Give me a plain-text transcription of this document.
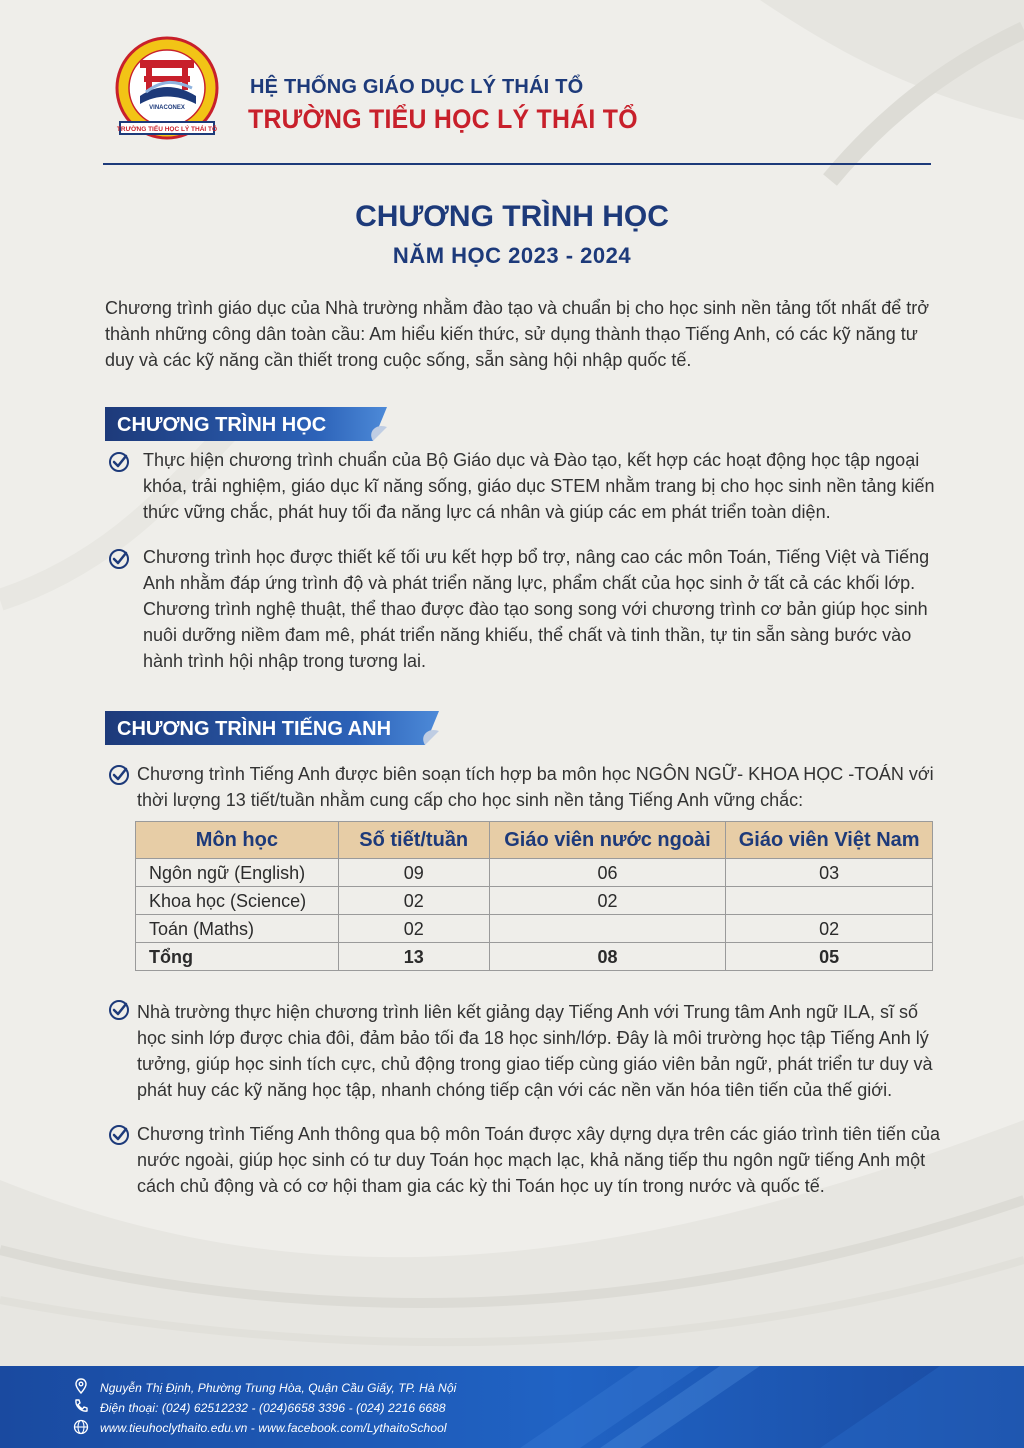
VINACONEX
TRƯỜNG TIỂU HỌC LÝ THÁI TỔ
HỆ THỐNG GIÁO DỤC LÝ THÁI TỔ
TRƯỜNG TIỂU HỌC LÝ THÁI TỔ
CHƯƠNG TRÌNH HỌC
NĂM HỌC 2023 - 2024

Chương trình giáo dục của Nhà trường nhằm đào tạo và chuẩn bị cho học sinh nền tảng tốt nhất để trở thành những công dân toàn cầu: Am hiểu kiến thức, sử dụng thành thạo Tiếng Anh, có các kỹ năng tư duy và các kỹ năng cần thiết trong cuộc sống, sẵn sàng hội nhập quốc tế.

CHƯƠNG TRÌNH HỌC

Thực hiện chương trình chuẩn của Bộ Giáo dục và Đào tạo, kết hợp các hoạt động học tập ngoại khóa, trải nghiệm, giáo dục kĩ năng sống, giáo dục STEM nhằm trang bị cho học sinh nền tảng kiến thức vững chắc, phát huy tối đa năng lực cá nhân và giúp các em phát triển toàn diện.

Chương trình học được thiết kế tối ưu kết hợp bổ trợ, nâng cao các môn Toán, Tiếng Việt và Tiếng Anh nhằm đáp ứng trình độ và phát triển năng lực, phẩm chất của học sinh ở tất cả các khối lớp. Chương trình nghệ thuật, thể thao được đào tạo song song với chương trình cơ bản giúp học sinh nuôi dưỡng niềm đam mê, phát triển năng khiếu, thể chất và tinh thần, tự tin sẵn sàng bước vào hành trình hội nhập trong tương lai.

CHƯƠNG TRÌNH TIẾNG ANH

Chương trình Tiếng Anh được biên soạn tích hợp ba môn học NGÔN NGỮ- KHOA HỌC -TOÁN với thời lượng 13 tiết/tuần nhằm cung cấp cho học sinh nền tảng Tiếng Anh vững chắc:

Môn học	Số tiết/tuần	Giáo viên nước ngoài	Giáo viên Việt Nam
Ngôn ngữ (English)	09	06	03
Khoa học (Science)	02	02	
Toán (Maths)	02		02
Tổng	13	08	05

Nhà trường thực hiện chương trình liên kết giảng dạy Tiếng Anh với Trung tâm Anh ngữ ILA, sĩ số học sinh lớp được chia đôi, đảm bảo tối đa 18 học sinh/lớp. Đây là môi trường học tập Tiếng Anh lý tưởng, giúp học sinh tích cực, chủ động trong giao tiếp cùng giáo viên bản ngữ, phát triển tư duy và phát huy các kỹ năng học tập, nhanh chóng tiếp cận với các nền văn hóa tiên tiến của thế giới.

Chương trình Tiếng Anh thông qua bộ môn Toán được xây dựng dựa trên các giáo trình tiên tiến của nước ngoài, giúp học sinh có tư duy Toán học mạch lạc, khả năng tiếp thu ngôn ngữ tiếng Anh một cách chủ động và có cơ hội tham gia các kỳ thi Toán học uy tín trong nước và quốc tế.

Nguyễn Thị Định, Phường Trung Hòa, Quận Cầu Giấy, TP. Hà Nội
Điện thoại: (024) 62512232 - (024)6658 3396 - (024) 2216 6688
www.tieuhoclythaito.edu.vn - www.facebook.com/LythaitoSchool
